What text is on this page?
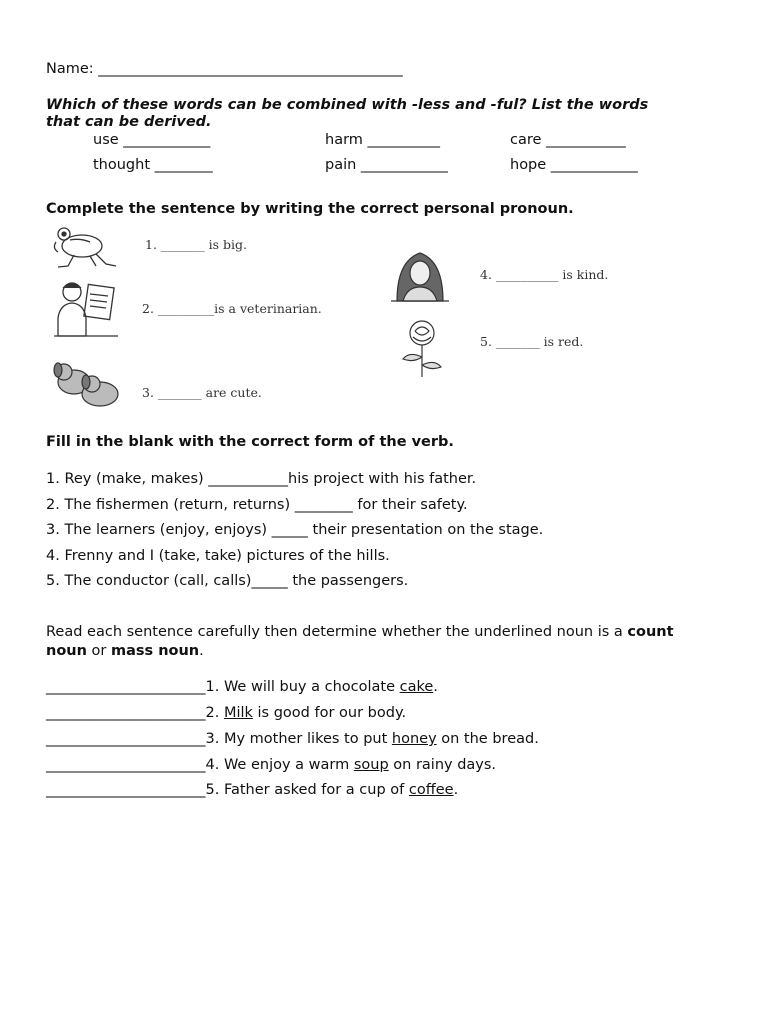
Name: __________________________________________
Which of these words can be combined with -less and -ful? List the words
that can be derived.
use ____________	harm __________	care ___________
thought ________	pain ____________	hope ____________
Complete the sentence by writing the correct personal pronoun.
1. _______ is big.
2. _________is a veterinarian.
3. _______ are cute.
4. __________ is kind.
5. _______ is red.
Fill in the blank with the correct form of the verb.
1. Rey (make, makes) ___________his project with his father.
2. The fishermen (return, returns) ________ for their safety.
3. The learners (enjoy, enjoys) _____ their presentation on the stage.
4. Frenny and I (take, take) pictures of the hills.
5. The conductor (call, calls)_____ the passengers.
Read each sentence carefully then determine whether the underlined noun is a count
noun or mass noun.
______________________1. We will buy a chocolate cake.
______________________2. Milk is good for our body.
______________________3. My mother likes to put honey on the bread.
______________________4. We enjoy a warm soup on rainy days.
______________________5. Father asked for a cup of coffee.
